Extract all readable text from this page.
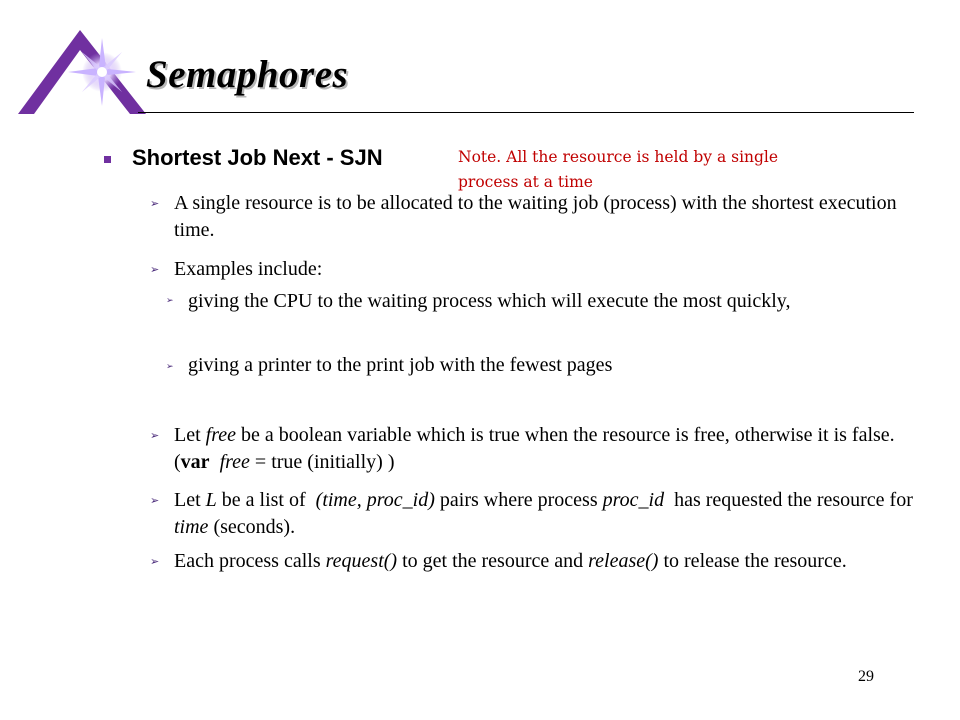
Semaphores
Shortest Job Next - SJN	Note. All the resource is held by a single process at a time
➢ A single resource is to be allocated to the waiting job (process) with the shortest execution time.
➢ Examples include:
➢ giving the CPU to the waiting process which will execute the most quickly,
➢ giving a printer to the print job with the fewest pages
➢ Let free be a boolean variable which is true when the resource is free, otherwise it is false. (var free = true (initially) )
➢ Let L be a list of  (time, proc_id) pairs where process proc_id  has requested the resource for time (seconds).
➢ Each process calls request() to get the resource and release() to release the resource.
29
